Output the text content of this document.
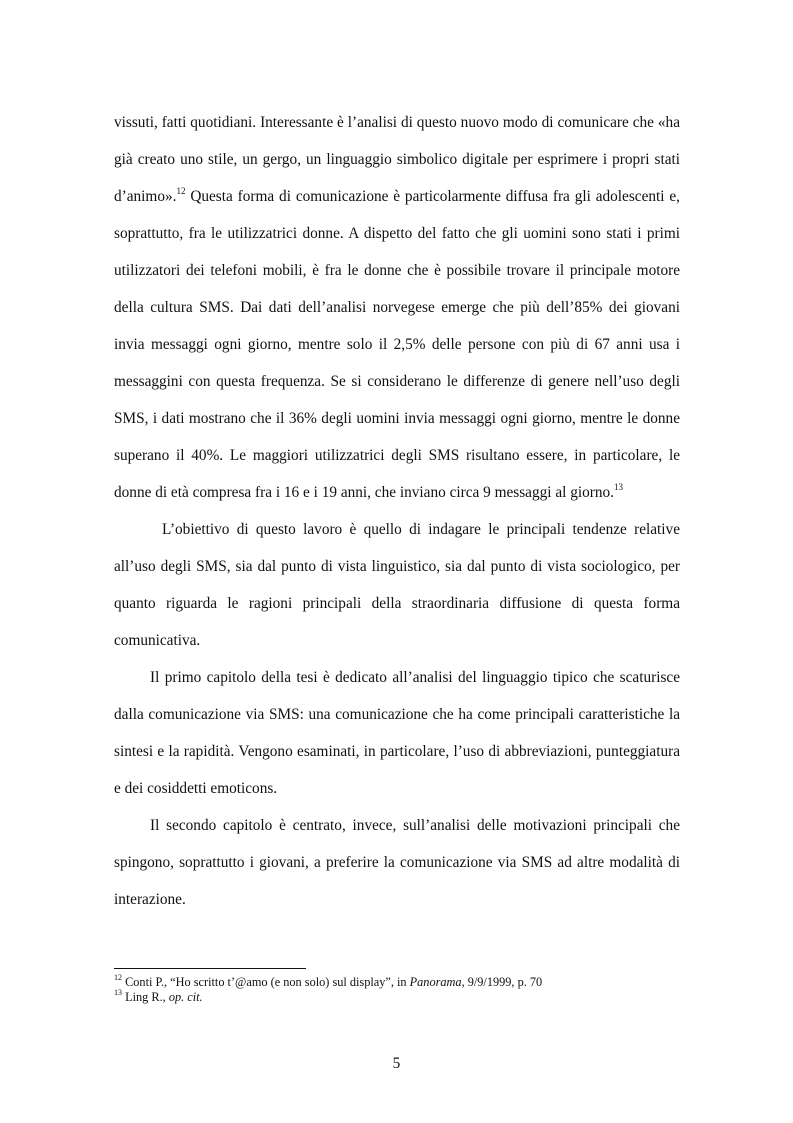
vissuti, fatti quotidiani. Interessante è l’analisi di questo nuovo modo di comunicare che «ha già creato uno stile, un gergo, un linguaggio simbolico digitale per esprimere i propri stati d’animo».$^{12}$ Questa forma di comunicazione è particolarmente diffusa fra gli adolescenti e, soprattutto, fra le utilizzatrici donne. A dispetto del fatto che gli uomini sono stati i primi utilizzatori dei telefoni mobili, è fra le donne che è possibile trovare il principale motore della cultura SMS. Dai dati dell’analisi norvegese emerge che più dell’85% dei giovani invia messaggi ogni giorno, mentre solo il 2,5% delle persone con più di 67 anni usa i messaggini con questa frequenza. Se si considerano le differenze di genere nell’uso degli SMS, i dati mostrano che il 36% degli uomini invia messaggi ogni giorno, mentre le donne superano il 40%. Le maggiori utilizzatrici degli SMS risultano essere, in particolare, le donne di età compresa fra i 16 e i 19 anni, che inviano circa 9 messaggi al giorno.$^{13}$

L’obiettivo di questo lavoro è quello di indagare le principali tendenze relative all’uso degli SMS, sia dal punto di vista linguistico, sia dal punto di vista sociologico, per quanto riguarda le ragioni principali della straordinaria diffusione di questa forma comunicativa.

Il primo capitolo della tesi è dedicato all’analisi del linguaggio tipico che scaturisce dalla comunicazione via SMS: una comunicazione che ha come principali caratteristiche la sintesi e la rapidità. Vengono esaminati, in particolare, l’uso di abbreviazioni, punteggiatura e dei cosiddetti emoticons.

Il secondo capitolo è centrato, invece, sull’analisi delle motivazioni principali che spingono, soprattutto i giovani, a preferire la comunicazione via SMS ad altre modalità di interazione.

$^{12}$ Conti P., “Ho scritto t’@amo (e non solo) sul display”, in Panorama, 9/9/1999, p. 70

$^{13}$ Ling R., op. cit.

5
